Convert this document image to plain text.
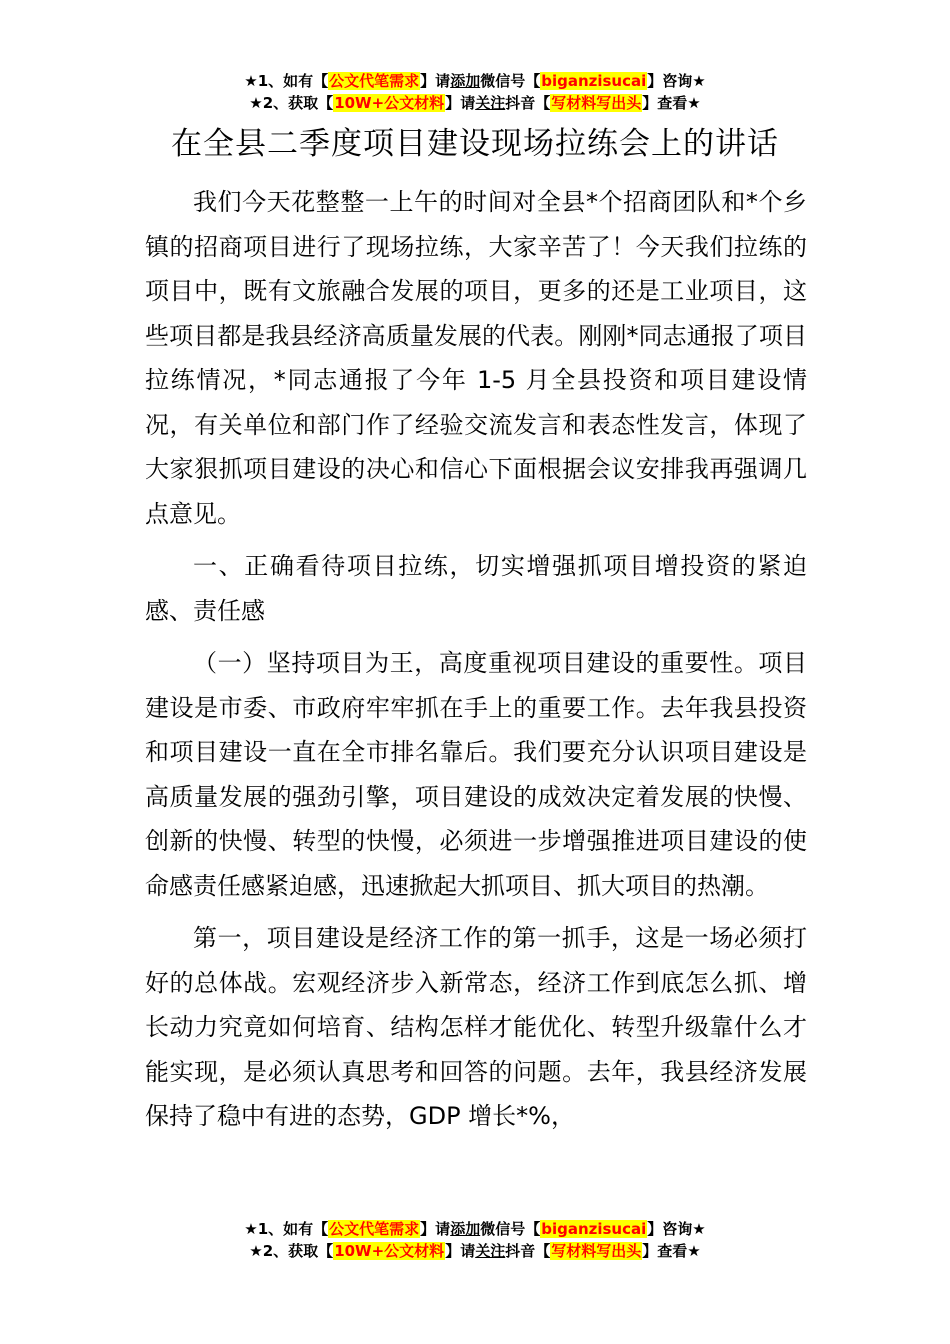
★1、如有【公文代笔需求】请添加微信号【biganzisucai】咨询★
★2、获取【10W+公文材料】请关注抖音【写材料写出头】查看★
在全县二季度项目建设现场拉练会上的讲话

我们今天花整整一上午的时间对全县*个招商团队和*个乡镇的招商项目进行了现场拉练，大家辛苦了！今天我们拉练的项目中，既有文旅融合发展的项目，更多的还是工业项目，这些项目都是我县经济高质量发展的代表。刚刚*同志通报了项目拉练情况，*同志通报了今年 1-5 月全县投资和项目建设情况，有关单位和部门作了经验交流发言和表态性发言，体现了大家狠抓项目建设的决心和信心下面根据会议安排我再强调几点意见。

一、正确看待项目拉练，切实增强抓项目增投资的紧迫感、责任感

（一）坚持项目为王，高度重视项目建设的重要性。项目建设是市委、市政府牢牢抓在手上的重要工作。去年我县投资和项目建设一直在全市排名靠后。我们要充分认识项目建设是高质量发展的强劲引擎，项目建设的成效决定着发展的快慢、创新的快慢、转型的快慢，必须进一步增强推进项目建设的使命感责任感紧迫感，迅速掀起大抓项目、抓大项目的热潮。

第一，项目建设是经济工作的第一抓手，这是一场必须打好的总体战。宏观经济步入新常态，经济工作到底怎么抓、增长动力究竟如何培育、结构怎样才能优化、转型升级靠什么才能实现，是必须认真思考和回答的问题。去年，我县经济发展保持了稳中有进的态势，GDP 增长*%，

★1、如有【公文代笔需求】请添加微信号【biganzisucai】咨询★
★2、获取【10W+公文材料】请关注抖音【写材料写出头】查看★
